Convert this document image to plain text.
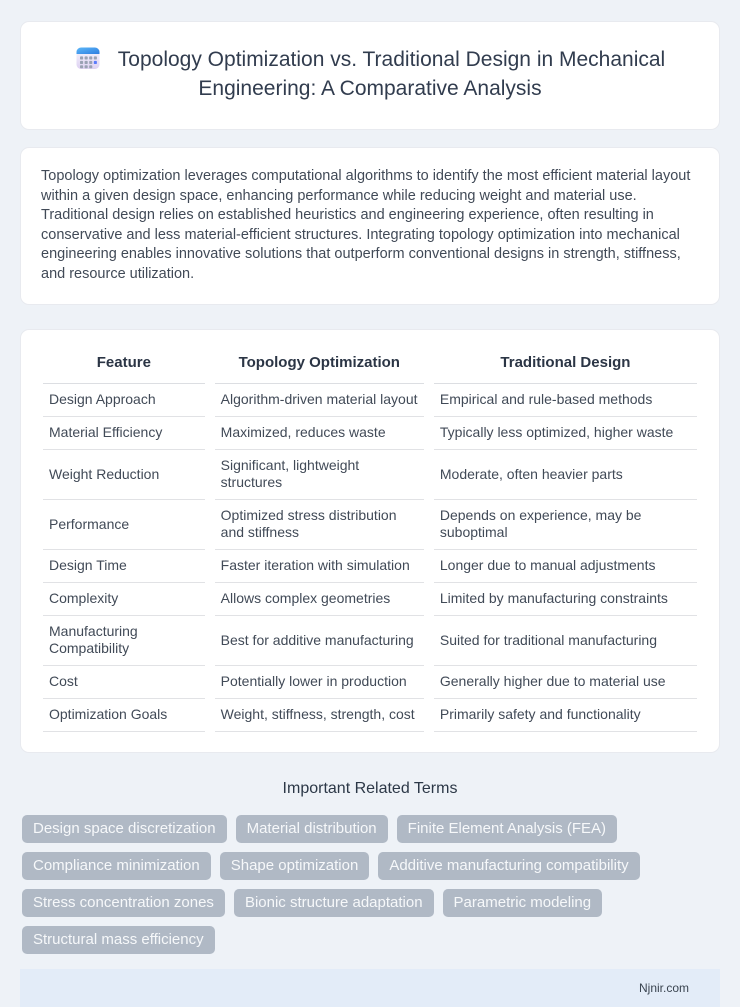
Topology Optimization vs. Traditional Design in Mechanical Engineering: A Comparative Analysis

Topology optimization leverages computational algorithms to identify the most efficient material layout within a given design space, enhancing performance while reducing weight and material use. Traditional design relies on established heuristics and engineering experience, often resulting in conservative and less material-efficient structures. Integrating topology optimization into mechanical engineering enables innovative solutions that outperform conventional designs in strength, stiffness, and resource utilization.

Feature	Topology Optimization	Traditional Design
Design Approach	Algorithm-driven material layout	Empirical and rule-based methods
Material Efficiency	Maximized, reduces waste	Typically less optimized, higher waste
Weight Reduction	Significant, lightweight structures	Moderate, often heavier parts
Performance	Optimized stress distribution and stiffness	Depends on experience, may be suboptimal
Design Time	Faster iteration with simulation	Longer due to manual adjustments
Complexity	Allows complex geometries	Limited by manufacturing constraints
Manufacturing Compatibility	Best for additive manufacturing	Suited for traditional manufacturing
Cost	Potentially lower in production	Generally higher due to material use
Optimization Goals	Weight, stiffness, strength, cost	Primarily safety and functionality
Important Related Terms
Design space discretization	Material distribution	Finite Element Analysis (FEA)
Compliance minimization	Shape optimization	Additive manufacturing compatibility
Stress concentration zones	Bionic structure adaptation	Parametric modeling
Structural mass efficiency
Njnir.com
